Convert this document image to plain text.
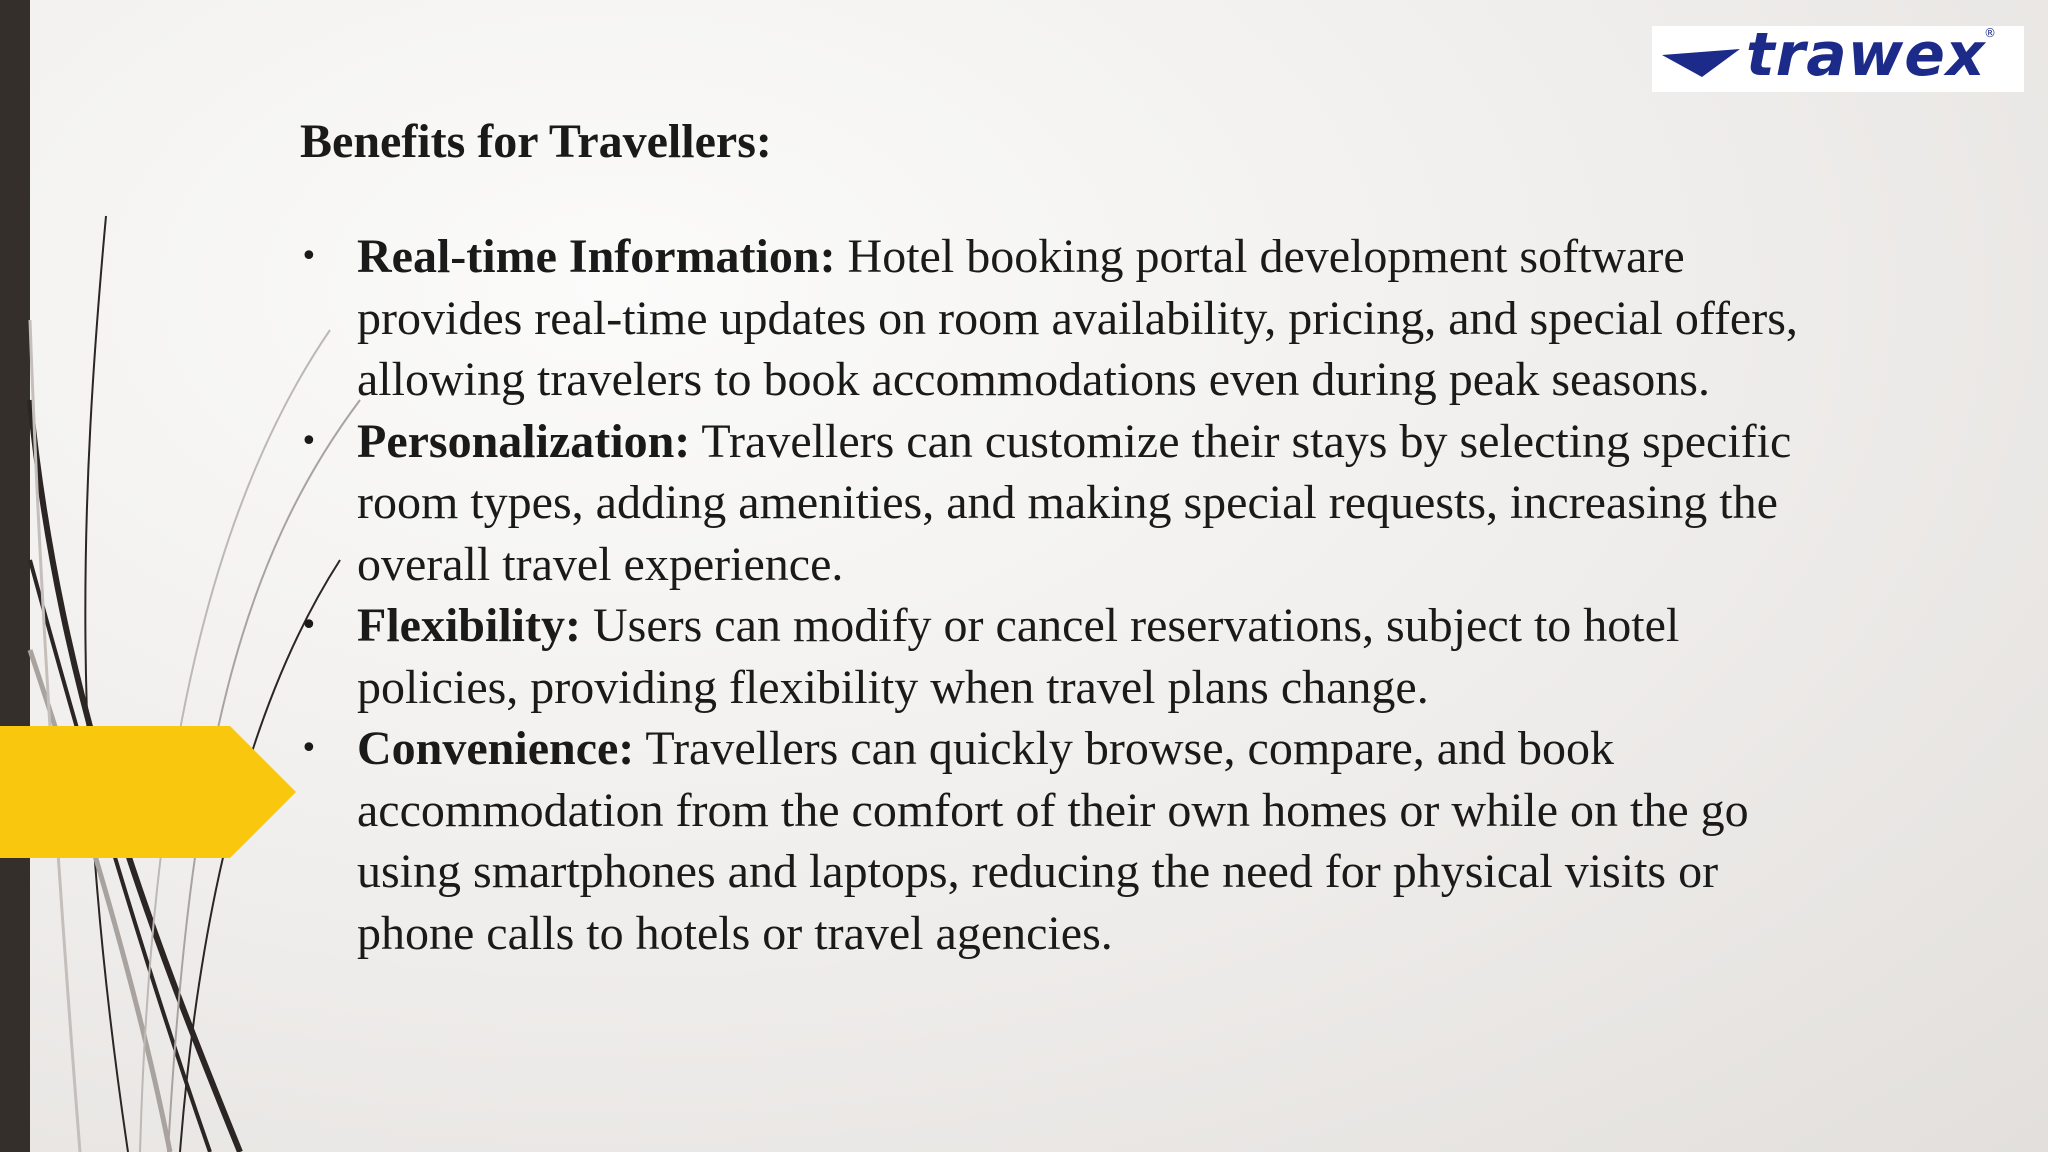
trawex
®
Benefits for Travellers:
• Real-time Information: Hotel booking portal development software provides real-time updates on room availability, pricing, and special offers, allowing travelers to book accommodations even during peak seasons.
• Personalization: Travellers can customize their stays by selecting specific room types, adding amenities, and making special requests, increasing the overall travel experience.
• Flexibility: Users can modify or cancel reservations, subject to hotel policies, providing flexibility when travel plans change.
• Convenience: Travellers can quickly browse, compare, and book accommodation from the comfort of their own homes or while on the go using smartphones and laptops, reducing the need for physical visits or phone calls to hotels or travel agencies.
